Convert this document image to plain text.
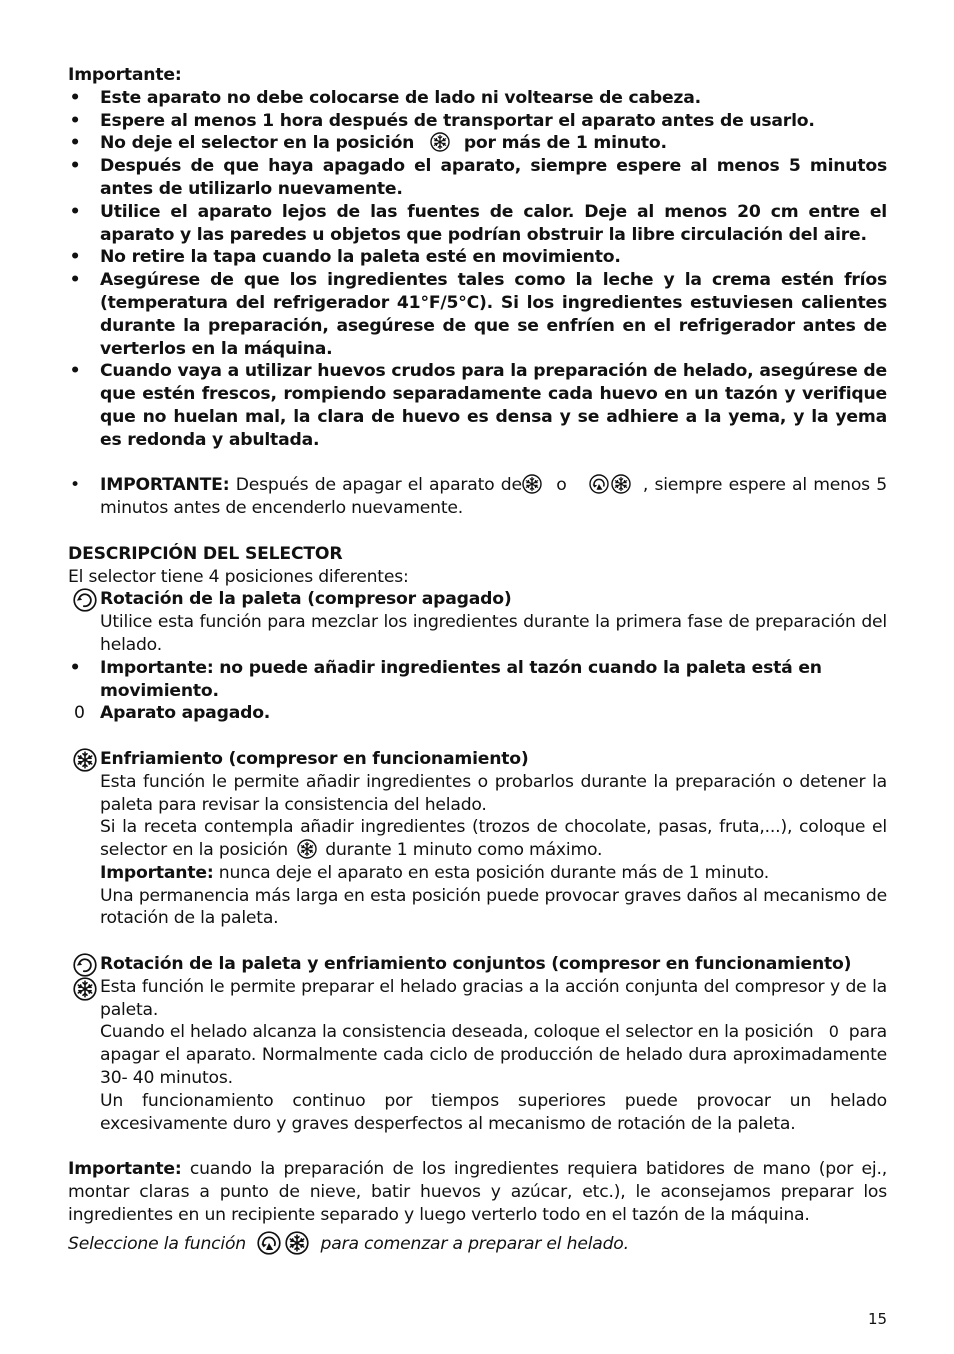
Importante:
• Este aparato no debe colocarse de lado ni voltearse de cabeza.
• Espere al menos 1 hora después de transportar el aparato antes de usarlo.
• No deje el selector en la posición	por más de 1 minuto.
• Después de que haya apagado el aparato, siempre espere al menos 5 minutos antes de utilizarlo nuevamente.
• Utilice el aparato lejos de las fuentes de calor. Deje al menos 20 cm entre el aparato y las paredes u objetos que podrían obstruir la libre circulación del aire.
• No retire la tapa cuando la paleta esté en movimiento.
• Asegúrese de que los ingredientes tales como la leche y la crema estén fríos (temperatura del refrigerador 41°F/5°C). Si los ingredientes estuviesen calientes durante la preparación, asegúrese de que se enfríen en el refrigerador antes de verterlos en la máquina.
• Cuando vaya a utilizar huevos crudos para la preparación de helado, asegúrese de que estén frescos, rompiendo separadamente cada huevo en un tazón y verifique que no huelan mal, la clara de huevo es densa y se adhiere a la yema, y la yema es redonda y abultada.
• IMPORTANTE: Después de apagar el aparato de o	, siempre espere al menos 5 minutos antes de encenderlo nuevamente.
DESCRIPCIÓN DEL SELECTOR
El selector tiene 4 posiciones diferentes:
Rotación de la paleta (compresor apagado)
Utilice esta función para mezclar los ingredientes durante la primera fase de preparación del helado.
• Importante: no puede añadir ingredientes al tazón cuando la paleta está en movimiento.
0 Aparato apagado.
Enfriamiento (compresor en funcionamiento)
Esta función le permite añadir ingredientes o probarlos durante la preparación o detener la paleta para revisar la consistencia del helado.
Si la receta contempla añadir ingredientes (trozos de chocolate, pasas, fruta,...), coloque el selector en la posición durante 1 minuto como máximo.
Importante: nunca deje el aparato en esta posición durante más de 1 minuto.
Una permanencia más larga en esta posición puede provocar graves daños al mecanismo de rotación de la paleta.
Rotación de la paleta y enfriamiento conjuntos (compresor en funcionamiento)
Esta función le permite preparar el helado gracias a la acción conjunta del compresor y de la paleta.
Cuando el helado alcanza la consistencia deseada, coloque el selector en la posición 0 para apagar el aparato. Normalmente cada ciclo de producción de helado dura aproximadamente 30- 40 minutos.
Un funcionamiento continuo por tiempos superiores puede provocar un helado excesivamente duro y graves desperfectos al mecanismo de rotación de la paleta.
Importante: cuando la preparación de los ingredientes requiera batidores de mano (por ej., montar claras a punto de nieve, batir huevos y azúcar, etc.), le aconsejamos preparar los ingredientes en un recipiente separado y luego verterlo todo en el tazón de la máquina.
Seleccione la función	para comenzar a preparar el helado.
15
